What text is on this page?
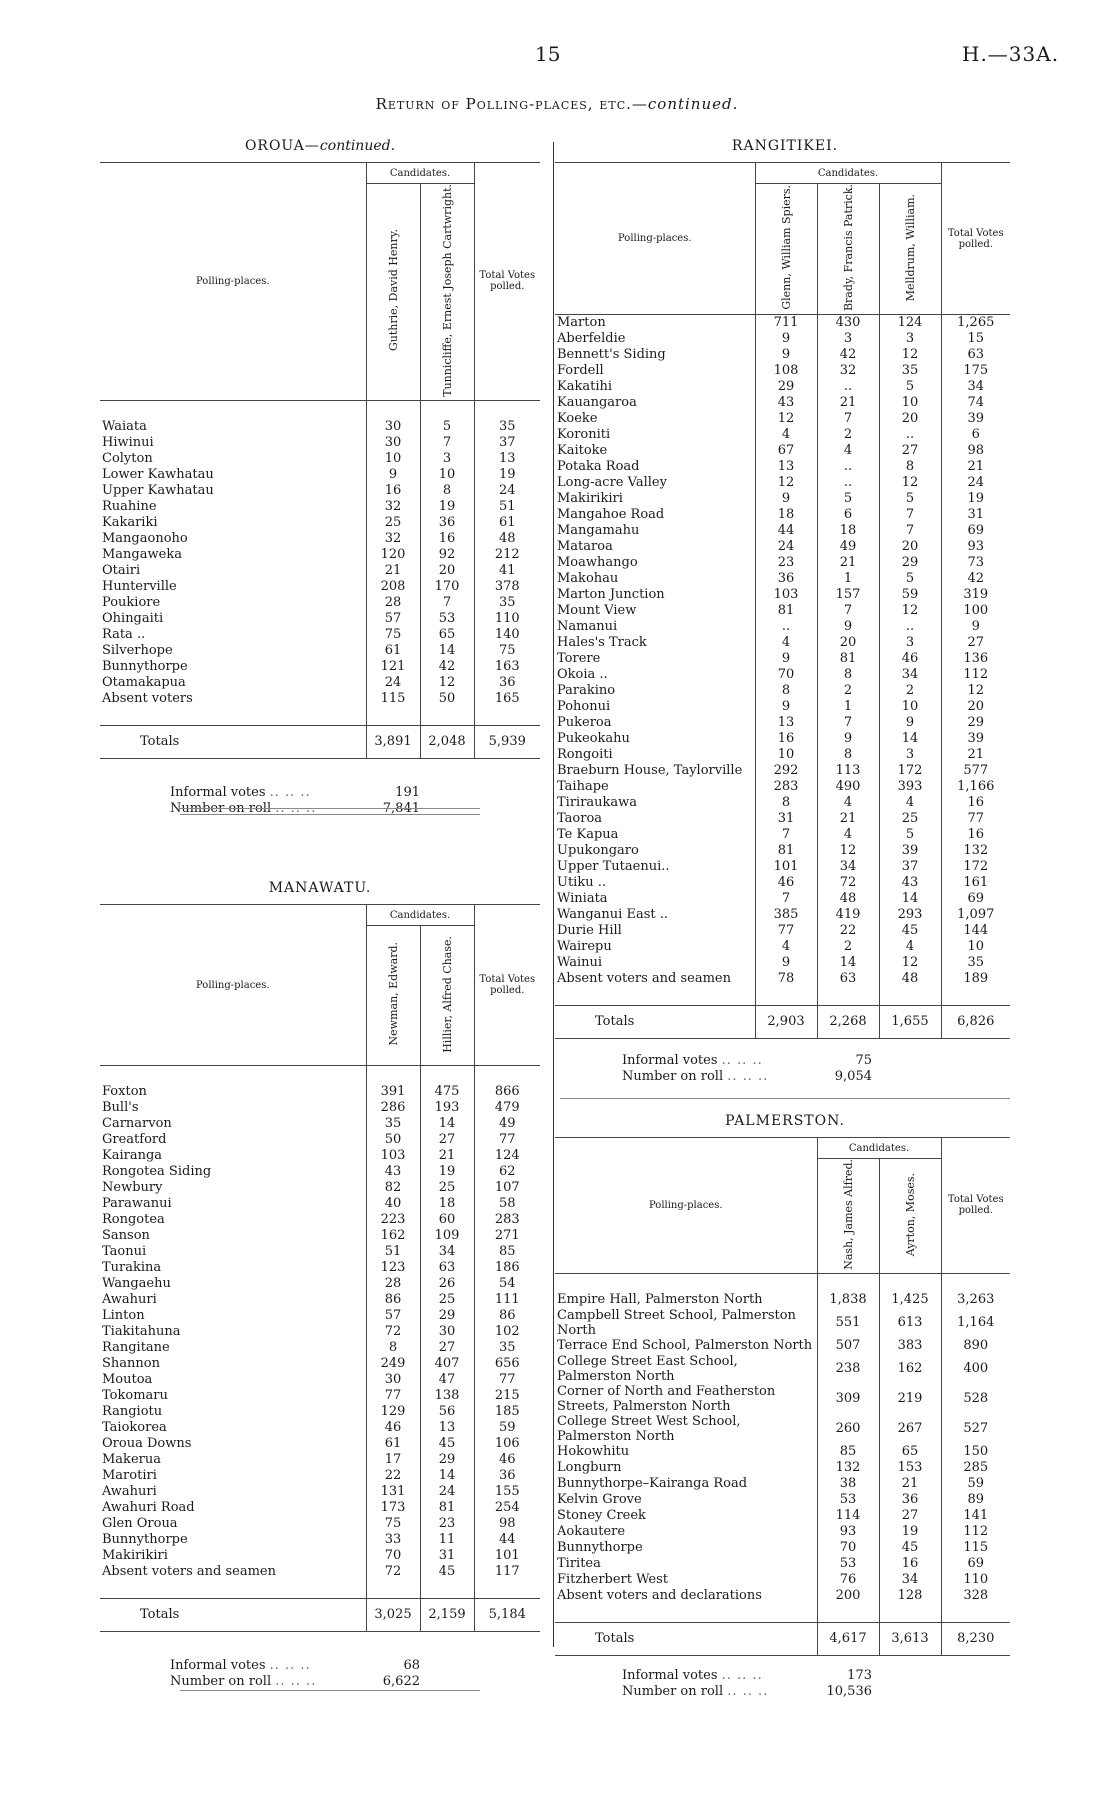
15	H.—33A.
Return of Polling-places, etc.—continued.
OROUA—continued.
Polling-places.	Candidates.		Total Votes polled.
	Guthrie, David Henry.	Tunnicliffe, Ernest Joseph Cartwright.	

Waiata	30	5	35
Hiwinui	30	7	37
Colyton	10	3	13
Lower Kawhatau	9	10	19
Upper Kawhatau	16	8	24
Ruahine	32	19	51
Kakariki	25	36	61
Mangaonoho	32	16	48
Mangaweka	120	92	212
Otairi	21	20	41
Hunterville	208	170	378
Poukiore	28	7	35
Ohingaiti	57	53	110
Rata ..	75	65	140
Silverhope	61	14	75
Bunnythorpe	121	42	163
Otamakapua	24	12	36
Absent voters	115	50	165

Totals	3,891	2,048	5,939
MANAWATU.
Polling-places.	Candidates.		Total Votes polled.
	Newman, Edward.	Hillier, Alfred Chase.	

Foxton	391	475	866
Bull's	286	193	479
Carnarvon	35	14	49
Greatford	50	27	77
Kairanga	103	21	124
Rongotea Siding	43	19	62
Newbury	82	25	107
Parawanui	40	18	58
Rongotea	223	60	283
Sanson	162	109	271
Taonui	51	34	85
Turakina	123	63	186
Wangaehu	28	26	54
Awahuri	86	25	111
Linton	57	29	86
Tiakitahuna	72	30	102
Rangitane	8	27	35
Shannon	249	407	656
Moutoa	30	47	77
Tokomaru	77	138	215
Rangiotu	129	56	185
Taiokorea	46	13	59
Oroua Downs	61	45	106
Makerua	17	29	46
Marotiri	22	14	36
Awahuri	131	24	155
Awahuri Road	173	81	254
Glen Oroua	75	23	98
Bunnythorpe	33	11	44
Makirikiri	70	31	101
Absent voters and seamen	72	45	117

Totals	3,025	2,159	5,184
RANGITIKEI.
Polling-places.	Candidates.			Total Votes polled.
	Glenn, William Spiers.	Brady, Francis Patrick.	Melldrum, William.	
Marton	711	430	124	1,265
Aberfeldie	9	3	3	15
Bennett's Siding	9	42	12	63
Fordell	108	32	35	175
Kakatihi	29	..	5	34
Kauangaroa	43	21	10	74
Koeke	12	7	20	39
Koroniti	4	2	..	6
Kaitoke	67	4	27	98
Potaka Road	13	..	8	21
Long-acre Valley	12	..	12	24
Makirikiri	9	5	5	19
Mangahoe Road	18	6	7	31
Mangamahu	44	18	7	69
Mataroa	24	49	20	93
Moawhango	23	21	29	73
Makohau	36	1	5	42
Marton Junction	103	157	59	319
Mount View	81	7	12	100
Namanui	..	9	..	9
Hales's Track	4	20	3	27
Torere	9	81	46	136
Okoia ..	70	8	34	112
Parakino	8	2	2	12
Pohonui	9	1	10	20
Pukeroa	13	7	9	29
Pukeokahu	16	9	14	39
Rongoiti	10	8	3	21
Braeburn House, Taylorville	292	113	172	577
Taihape	283	490	393	1,166
Tiriraukawa	8	4	4	16
Taoroa	31	21	25	77
Te Kapua	7	4	5	16
Upukongaro	81	12	39	132
Upper Tutaenui..	101	34	37	172
Utiku ..	46	72	43	161
Winiata	7	48	14	69
Wanganui East ..	385	419	293	1,097
Durie Hill	77	22	45	144
Wairepu	4	2	4	10
Wainui	9	14	12	35
Absent voters and seamen	78	63	48	189

Totals	2,903	2,268	1,655	6,826
PALMERSTON.
Polling-places.	Candidates.		Total Votes polled.
	Nash, James Alfred.	Ayrton, Moses.	

Empire Hall, Palmerston North	1,838	1,425	3,263
Campbell Street School, Palmerston North	551	613	1,164
Terrace End School, Palmerston North	507	383	890
College Street East School, Palmerston North	238	162	400
Corner of North and Featherston Streets, Palmerston North	309	219	528
College Street West School, Palmerston North	260	267	527
Hokowhitu	85	65	150
Longburn	132	153	285
Bunnythorpe–Kairanga Road	38	21	59
Kelvin Grove	53	36	89
Stoney Creek	114	27	141
Aokautere	93	19	112
Bunnythorpe	70	45	115
Tiritea	53	16	69
Fitzherbert West	76	34	110
Absent voters and declarations	200	128	328

Totals	4,617	3,613	8,230
Informal votes .. .. ..	191
Number on roll .. .. ..	7,841
Informal votes .. .. ..	68
Number on roll .. .. ..	6,622
Informal votes .. .. ..	75
Number on roll .. .. ..	9,054
Informal votes .. .. ..	173
Number on roll .. .. ..	10,536
